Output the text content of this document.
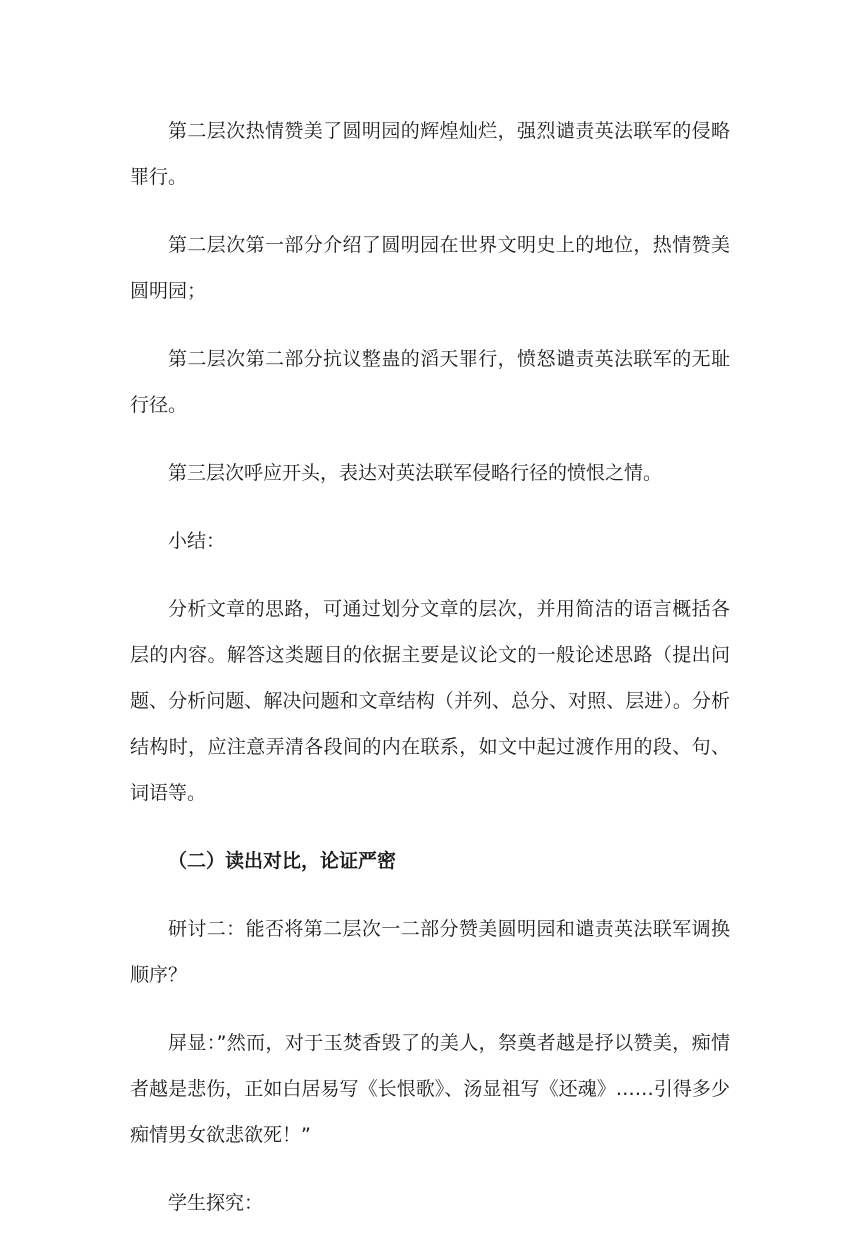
第二层次热情赞美了圆明园的辉煌灿烂，强烈谴责英法联军的侵略罪行。

第二层次第一部分介绍了圆明园在世界文明史上的地位，热情赞美圆明园；

第二层次第二部分抗议整蛊的滔天罪行，愤怒谴责英法联军的无耻行径。

第三层次呼应开头，表达对英法联军侵略行径的愤恨之情。

小结：

分析文章的思路，可通过划分文章的层次，并用简洁的语言概括各层的内容。解答这类题目的依据主要是议论文的一般论述思路（提出问题、分析问题、解决问题和文章结构（并列、总分、对照、层进）。分析结构时，应注意弄清各段间的内在联系，如文中起过渡作用的段、句、词语等。

（二）读出对比，论证严密

研讨二：能否将第二层次一二部分赞美圆明园和谴责英法联军调换顺序？

屏显：”然而，对于玉焚香毁了的美人，祭奠者越是抒以赞美，痴情者越是悲伤，正如白居易写《长恨歌》、汤显祖写《还魂》……引得多少痴情男女欲悲欲死！”

学生探究：
